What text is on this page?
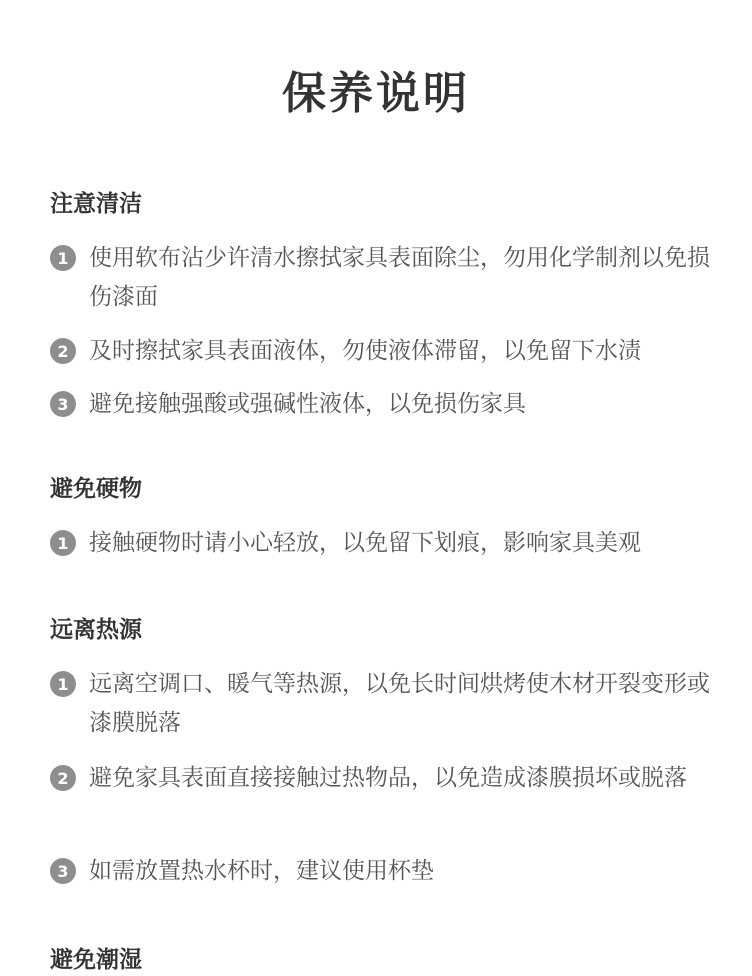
保养说明
注意清洁
1 使用软布沾少许清水擦拭家具表面除尘，勿用化学制剂以免损伤漆面
2 及时擦拭家具表面液体，勿使液体滞留，以免留下水渍
3 避免接触强酸或强碱性液体，以免损伤家具
避免硬物
1 接触硬物时请小心轻放，以免留下划痕，影响家具美观
远离热源
1 远离空调口、暖气等热源，以免长时间烘烤使木材开裂变形或漆膜脱落
2 避免家具表面直接接触过热物品，以免造成漆膜损坏或脱落
3 如需放置热水杯时，建议使用杯垫
避免潮湿
